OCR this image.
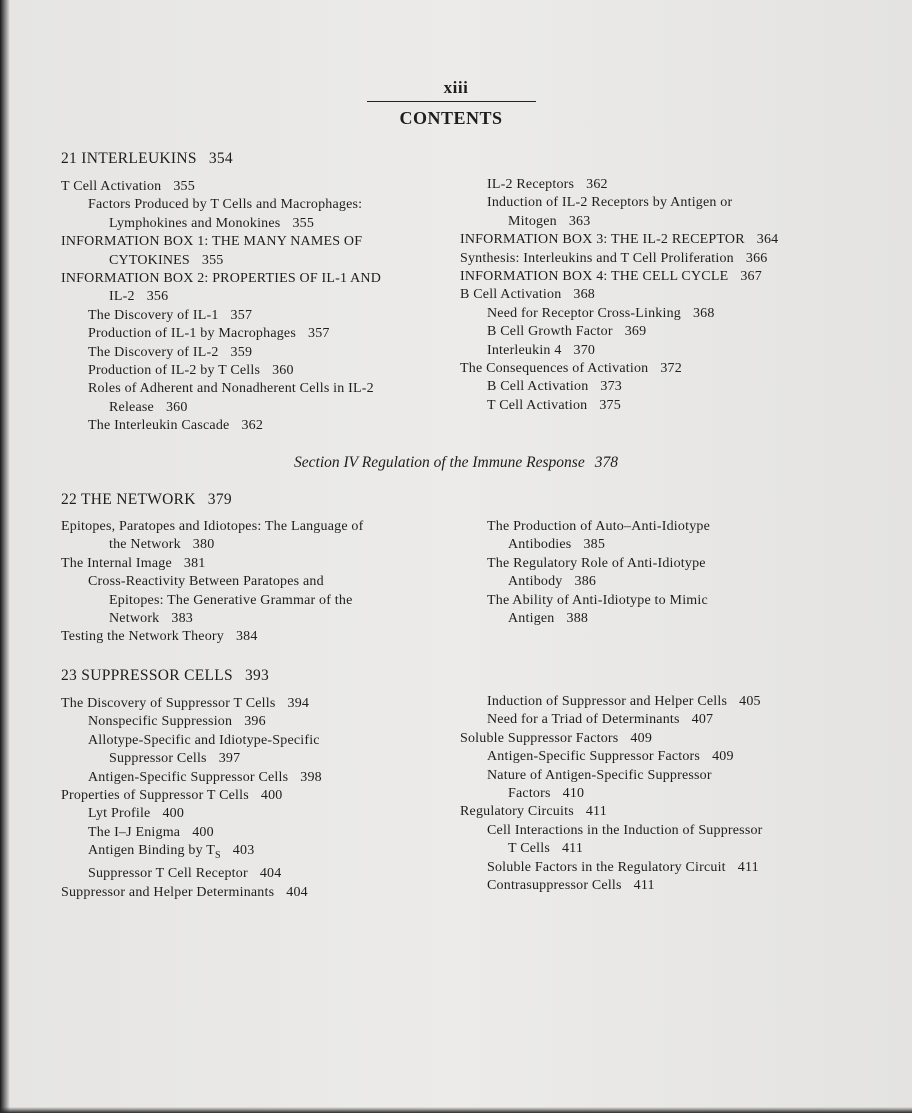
xiii
CONTENTS
21 INTERLEUKINS 354
T Cell Activation 355
Factors Produced by T Cells and Macrophages:
Lymphokines and Monokines 355
INFORMATION BOX 1: THE MANY NAMES OF
CYTOKINES 355
INFORMATION BOX 2: PROPERTIES OF IL-1 AND
IL-2 356
The Discovery of IL-1 357
Production of IL-1 by Macrophages 357
The Discovery of IL-2 359
Production of IL-2 by T Cells 360
Roles of Adherent and Nonadherent Cells in IL-2
Release 360
The Interleukin Cascade 362
IL-2 Receptors 362
Induction of IL-2 Receptors by Antigen or
Mitogen 363
INFORMATION BOX 3: THE IL-2 RECEPTOR 364
Synthesis: Interleukins and T Cell Proliferation 366
INFORMATION BOX 4: THE CELL CYCLE 367
B Cell Activation 368
Need for Receptor Cross-Linking 368
B Cell Growth Factor 369
Interleukin 4 370
The Consequences of Activation 372
B Cell Activation 373
T Cell Activation 375
Section IV Regulation of the Immune Response 378
22 THE NETWORK 379
Epitopes, Paratopes and Idiotopes: The Language of
the Network 380
The Internal Image 381
Cross-Reactivity Between Paratopes and
Epitopes: The Generative Grammar of the
Network 383
Testing the Network Theory 384
The Production of Auto–Anti-Idiotype
Antibodies 385
The Regulatory Role of Anti-Idiotype
Antibody 386
The Ability of Anti-Idiotype to Mimic
Antigen 388
23 SUPPRESSOR CELLS 393
The Discovery of Suppressor T Cells 394
Nonspecific Suppression 396
Allotype-Specific and Idiotype-Specific
Suppressor Cells 397
Antigen-Specific Suppressor Cells 398
Properties of Suppressor T Cells 400
Lyt Profile 400
The I–J Enigma 400
Antigen Binding by $T_S$ 403
Suppressor T Cell Receptor 404
Suppressor and Helper Determinants 404
Induction of Suppressor and Helper Cells 405
Need for a Triad of Determinants 407
Soluble Suppressor Factors 409
Antigen-Specific Suppressor Factors 409
Nature of Antigen-Specific Suppressor
Factors 410
Regulatory Circuits 411
Cell Interactions in the Induction of Suppressor
T Cells 411
Soluble Factors in the Regulatory Circuit 411
Contrasuppressor Cells 411
